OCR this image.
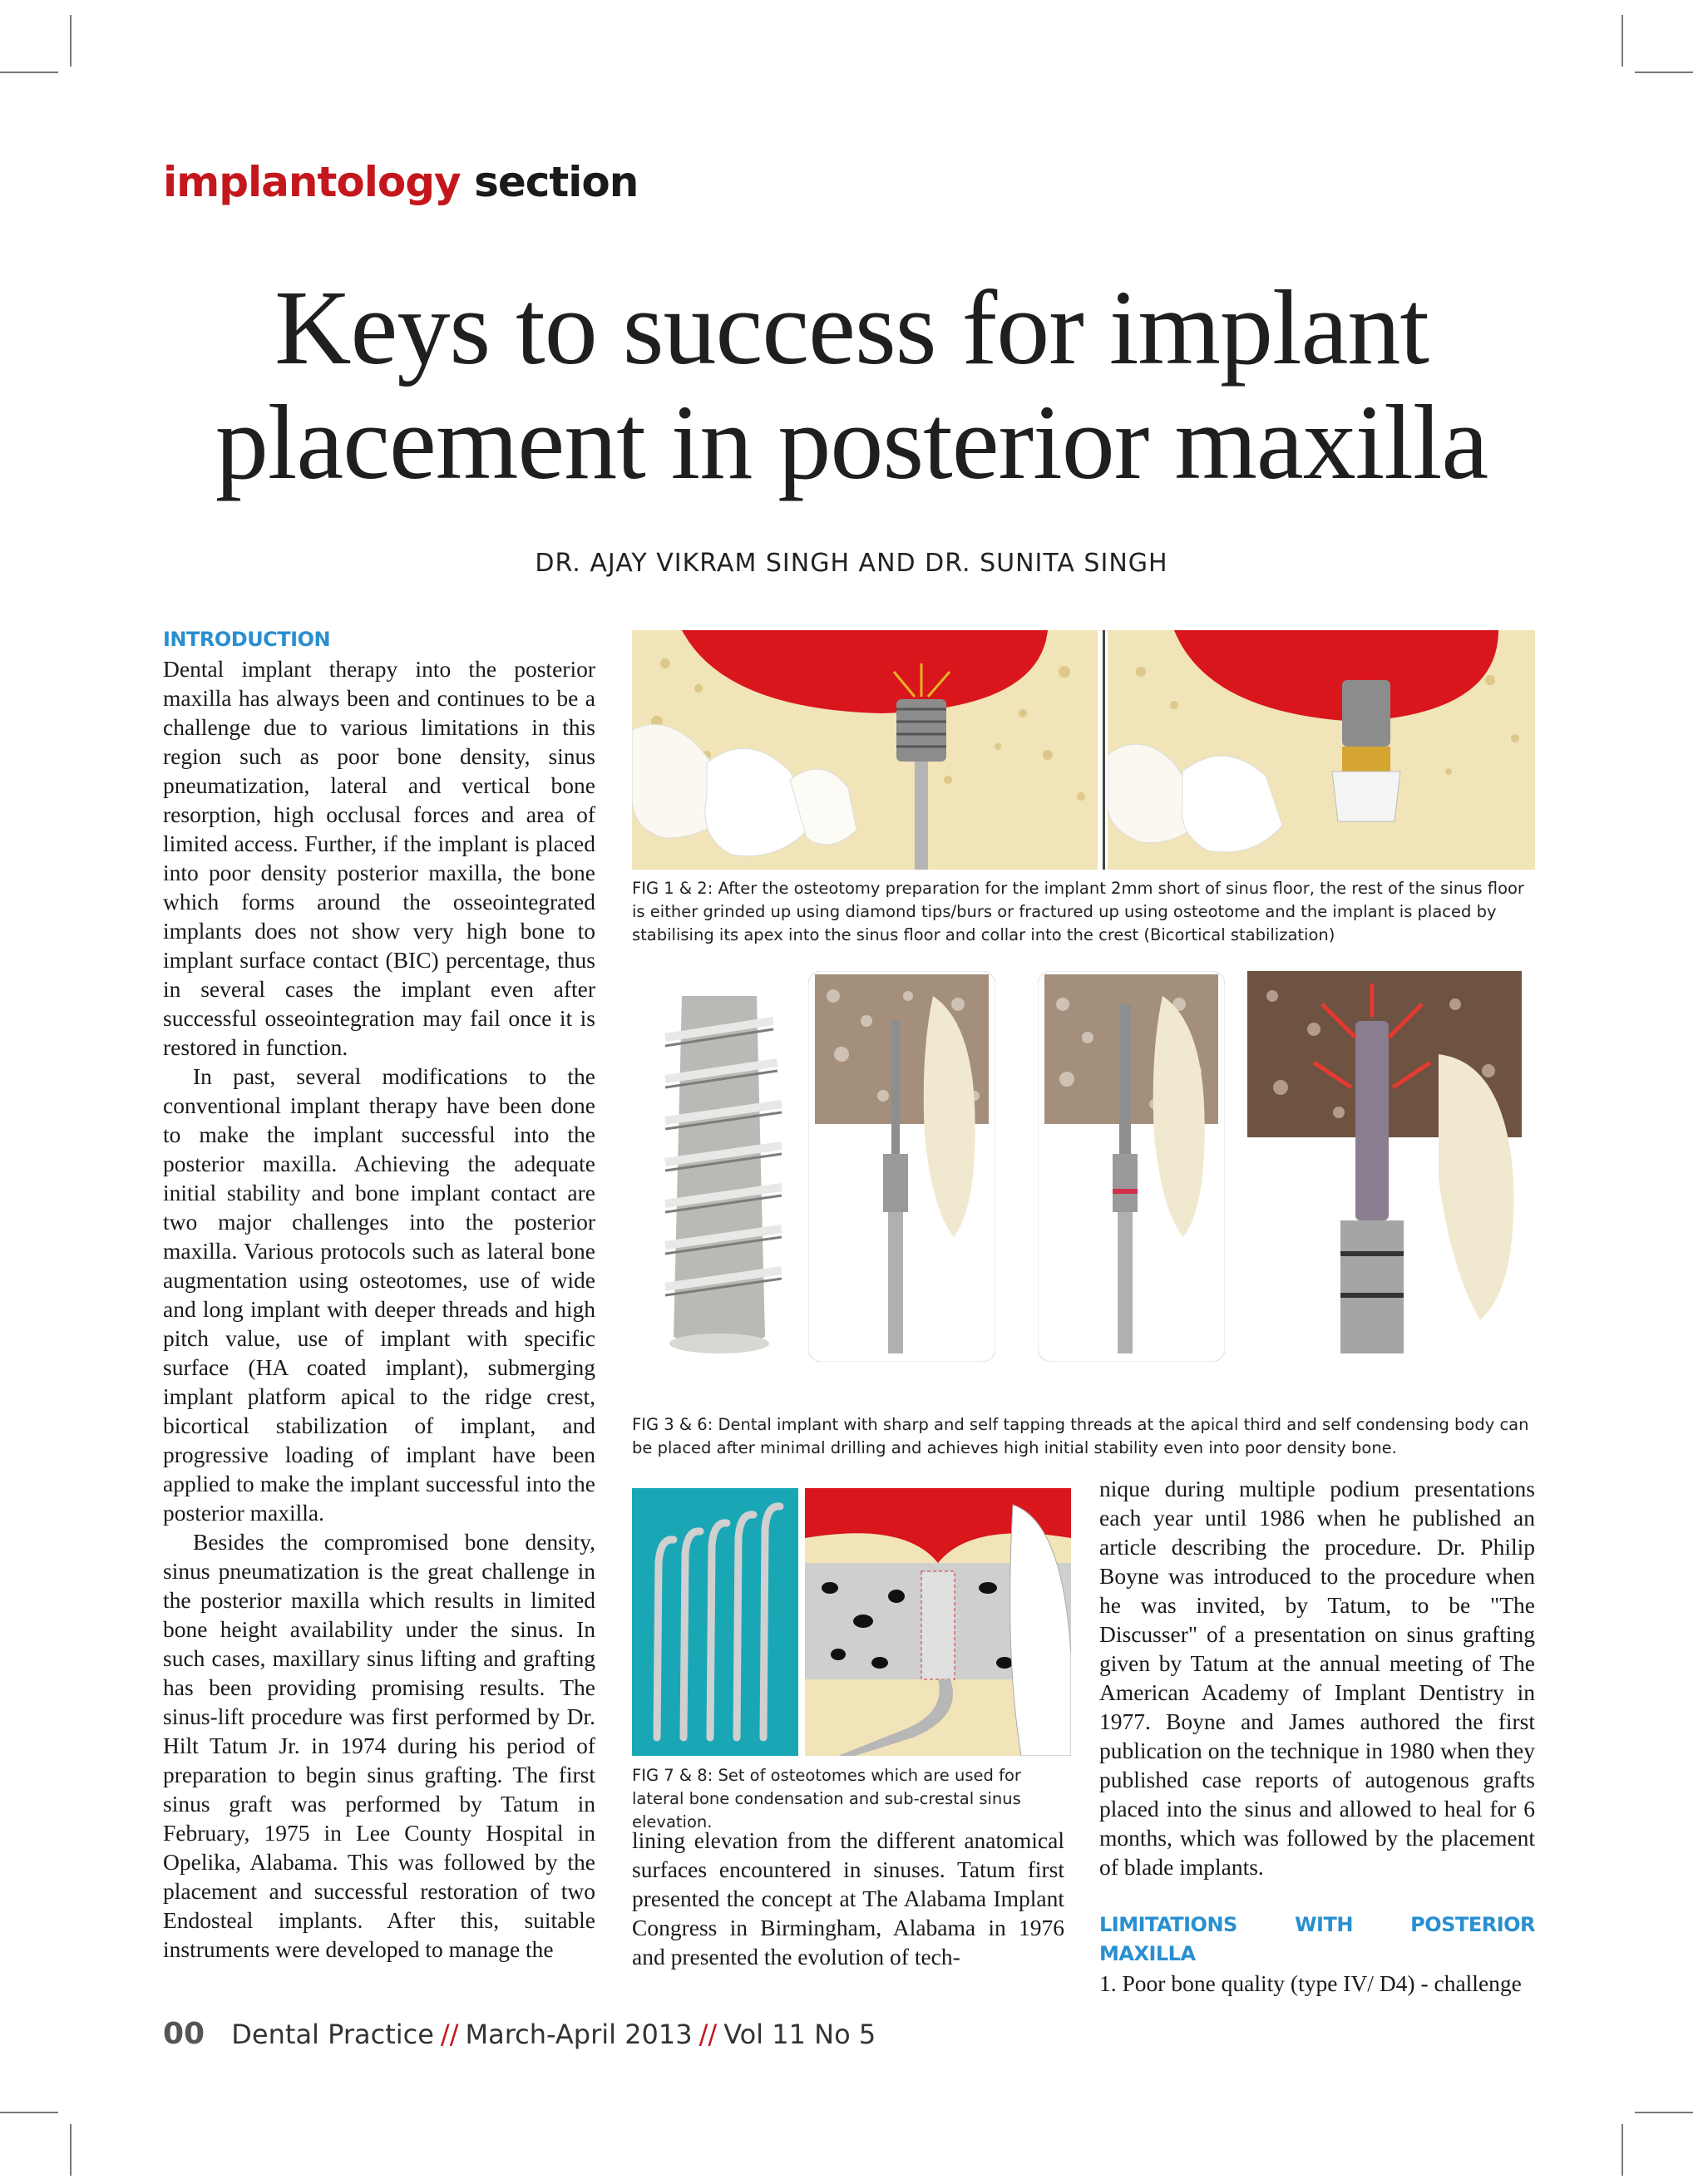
implantology section
Keys to success for implant
placement in posterior maxilla
DR. AJAY VIKRAM SINGH AND DR. SUNITA SINGH
INTRODUCTION

Dental implant therapy into the posterior maxilla has always been and continues to be a challenge due to various limitations in this region such as poor bone density, sinus pneumatization, lateral and vertical bone resorption, high occlusal forces and area of limited access. Further, if the implant is placed into poor density posterior maxilla, the bone which forms around the osseointegrated implants does not show very high bone to implant surface contact (BIC) percentage, thus in several cases the implant even after successful osseointegration may fail once it is restored in function.

In past, several modifications to the conventional implant therapy have been done to make the implant successful into the posterior maxilla. Achieving the adequate initial stability and bone implant contact are two major challenges into the posterior maxilla. Various protocols such as lateral bone augmentation using osteotomes, use of wide and long implant with deeper threads and high pitch value, use of implant with specific surface (HA coated implant), submerging implant platform apical to the ridge crest, bicortical stabilization of implant, and progressive loading of implant have been applied to make the implant successful into the posterior maxilla.

Besides the compromised bone density, sinus pneumatization is the great challenge in the posterior maxilla which results in limited bone height availability under the sinus. In such cases, maxillary sinus lifting and grafting has been providing promising results. The sinus-lift procedure was first performed by Dr. Hilt Tatum Jr. in 1974 during his period of preparation to begin sinus grafting. The first sinus graft was performed by Tatum in February, 1975 in Lee County Hospital in Opelika, Alabama. This was followed by the placement and successful restoration of two Endosteal implants. After this, suitable instruments were developed to manage the

FIG 1 & 2: After the osteotomy preparation for the implant 2mm short of sinus floor, the rest of the sinus floor is either grinded up using diamond tips/burs or fractured up using osteotome and the implant is placed by stabilising its apex into the sinus floor and collar into the crest (Bicortical stabilization)
FIG 3 & 6: Dental implant with sharp and self tapping threads at the apical third and self condensing body can be placed after minimal drilling and achieves high initial stability even into poor density bone.
FIG 7 & 8: Set of osteotomes which are used for lateral bone condensation and sub-crestal sinus elevation.

lining elevation from the different anatomical surfaces encountered in sinuses. Tatum first presented the concept at The Alabama Implant Congress in Birmingham, Alabama in 1976 and presented the evolution of tech-

nique during multiple podium presentations each year until 1986 when he published an article describing the procedure. Dr. Philip Boyne was introduced to the procedure when he was invited, by Tatum, to be "The Discusser" of a presentation on sinus grafting given by Tatum at the annual meeting of The American Academy of Implant Dentistry in 1977. Boyne and James authored the first publication on the technique in 1980 when they published case reports of autogenous grafts placed into the sinus and allowed to heal for 6 months, which was followed by the placement of blade implants.

LIMITATIONS WITH POSTERIOR MAXILLA

1. Poor bone quality (type IV/ D4) - challenge

00 Dental Practice // March-April 2013 // Vol 11 No 5
